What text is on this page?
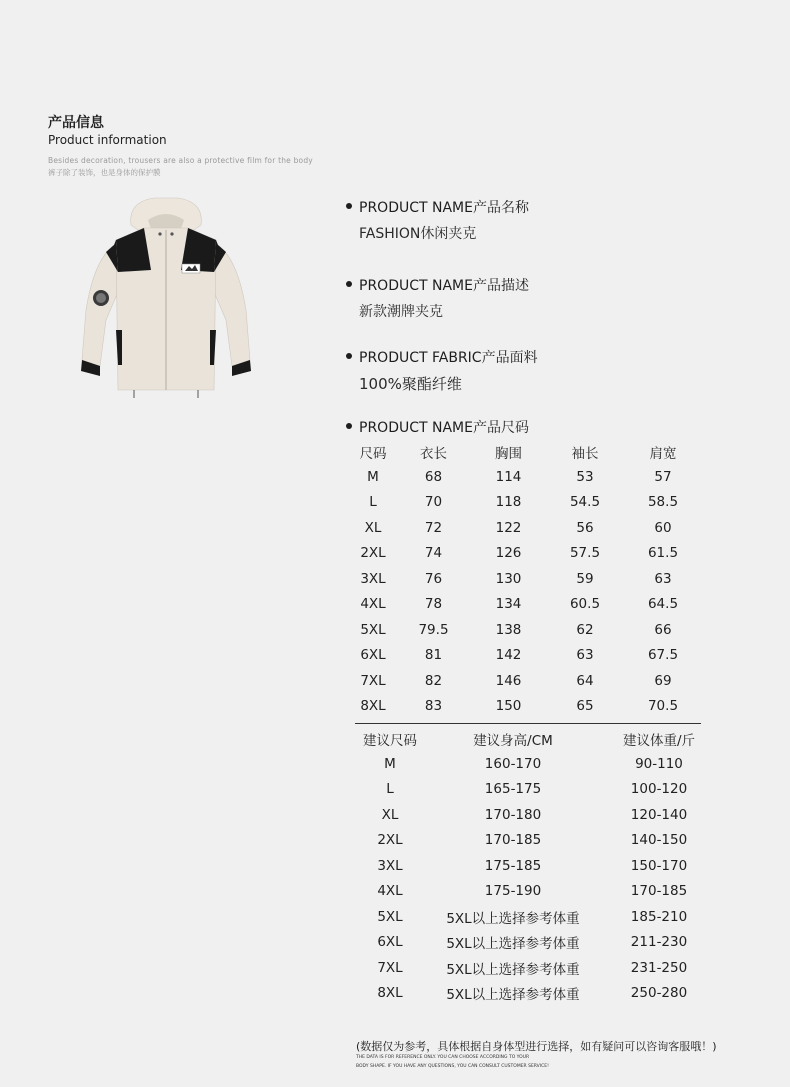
产品信息
Product information
Besides decoration, trousers are also a protective film for the body
裤子除了装饰，也是身体的保护膜
PRODUCT NAME产品名称
FASHION休闲夹克
PRODUCT NAME产品描述
新款潮牌夹克
PRODUCT FABRIC产品面料
100%聚酯纤维
PRODUCT NAME产品尺码
尺码	衣长	胸围	袖长	肩宽
M	68	114	53	57
L	70	118	54.5	58.5
XL	72	122	56	60
2XL	74	126	57.5	61.5
3XL	76	130	59	63
4XL	78	134	60.5	64.5
5XL	79.5	138	62	66
6XL	81	142	63	67.5
7XL	82	146	64	69
8XL	83	150	65	70.5
建议尺码	建议身高/CM	建议体重/斤
M	160-170	90-110
L	165-175	100-120
XL	170-180	120-140
2XL	170-185	140-150
3XL	175-185	150-170
4XL	175-190	170-185
5XL	5XL以上选择参考体重	185-210
6XL	5XL以上选择参考体重	211-230
7XL	5XL以上选择参考体重	231-250
8XL	5XL以上选择参考体重	250-280
(数据仅为参考，具体根据自身体型进行选择，如有疑问可以咨询客服哦！)
THE DATA IS FOR REFERENCE ONLY. YOU CAN CHOOSE ACCORDING TO YOUR
BODY SHAPE. IF YOU HAVE ANY QUESTIONS, YOU CAN CONSULT CUSTOMER SERVICE!
